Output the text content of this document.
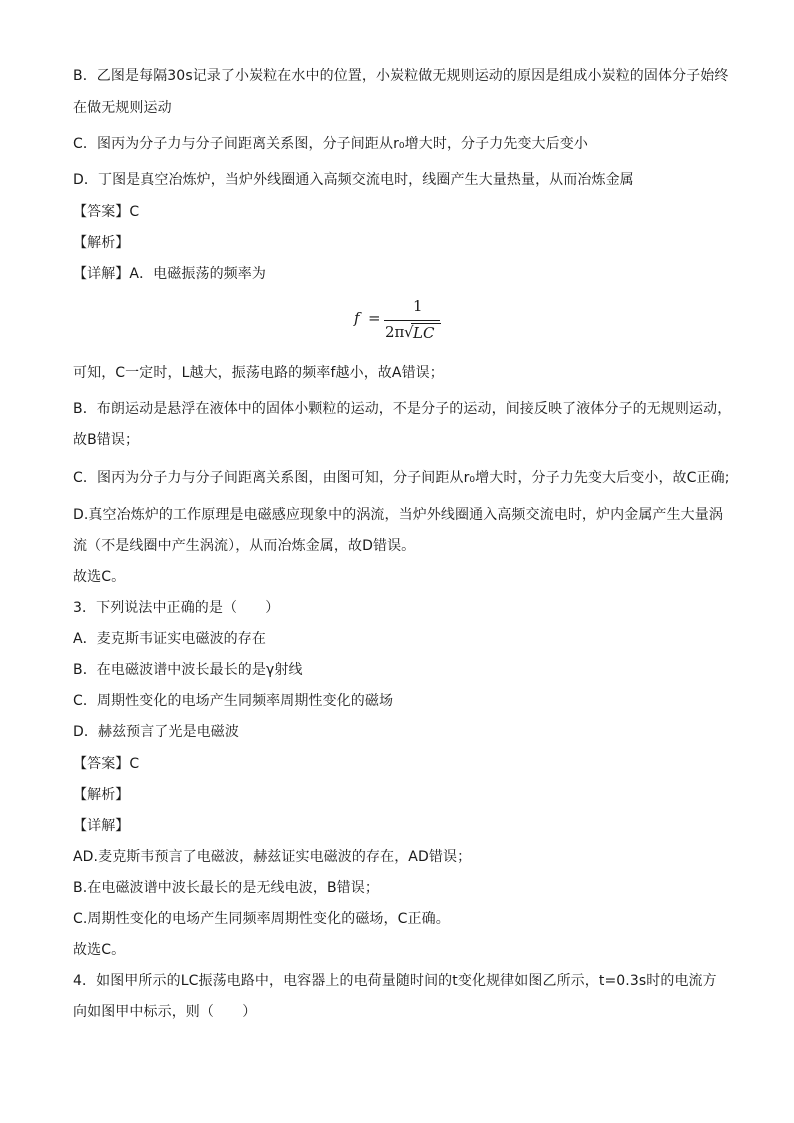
B．乙图是每隔30s记录了小炭粒在水中的位置，小炭粒做无规则运动的原因是组成小炭粒的固体分子始终
在做无规则运动
C．图丙为分子力与分子间距离关系图，分子间距从r₀增大时，分子力先变大后变小
D．丁图是真空冶炼炉，当炉外线圈通入高频交流电时，线圈产生大量热量，从而冶炼金属
【答案】C
【解析】
【详解】A．电磁振荡的频率为
f =
1
2π √ LC
可知，C一定时，L越大，振荡电路的频率f越小，故A错误；
B．布朗运动是悬浮在液体中的固体小颗粒的运动，不是分子的运动，间接反映了液体分子的无规则运动，
故B错误；
C．图丙为分子力与分子间距离关系图，由图可知，分子间距从r₀增大时，分子力先变大后变小，故C正确;
D.真空冶炼炉的工作原理是电磁感应现象中的涡流，当炉外线圈通入高频交流电时，炉内金属产生大量涡
流（不是线圈中产生涡流），从而冶炼金属，故D错误。
故选C。
3．下列说法中正确的是（　　）
A．麦克斯韦证实电磁波的存在
B．在电磁波谱中波长最长的是γ射线
C．周期性变化的电场产生同频率周期性变化的磁场
D．赫兹预言了光是电磁波
【答案】C
【解析】
【详解】
AD.麦克斯韦预言了电磁波，赫兹证实电磁波的存在，AD错误；
B.在电磁波谱中波长最长的是无线电波，B错误；
C.周期性变化的电场产生同频率周期性变化的磁场，C正确。
故选C。
4．如图甲所示的LC振荡电路中，电容器上的电荷量随时间的t变化规律如图乙所示，t=0.3s时的电流方
向如图甲中标示，则（　　）
